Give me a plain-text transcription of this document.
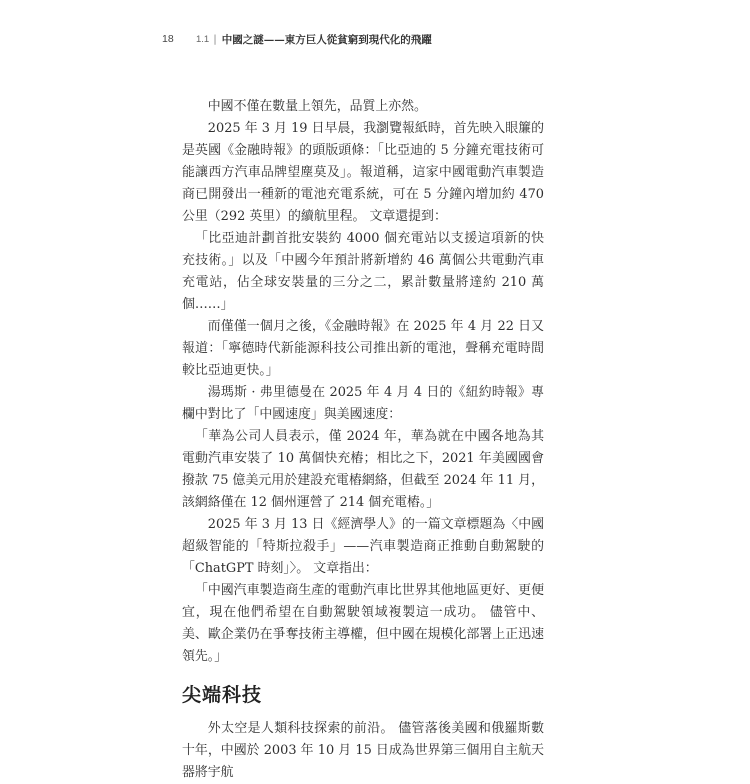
18	1.1 | 中國之謎——東方巨人從貧窮到現代化的飛躍

中國不僅在數量上領先，品質上亦然。

2025 年 3 月 19 日早晨，我瀏覽報紙時，首先映入眼簾的是英國《金融時報》的頭版頭條：「比亞迪的 5 分鐘充電技術可能讓西方汽車品牌望塵莫及」。報道稱，這家中國電動汽車製造商已開發出一種新的電池充電系統，可在 5 分鐘內增加約 470 公里（292 英里）的續航里程。 文章還提到：

「比亞迪計劃首批安裝約 4000 個充電站以支援這項新的快充技術。」以及「中國今年預計將新增約 46 萬個公共電動汽車充電站，佔全球安裝量的三分之二，累計數量將達約 210 萬個……」

而僅僅一個月之後，《金融時報》在 2025 年 4 月 22 日又報道：「寧德時代新能源科技公司推出新的電池，聲稱充電時間較比亞迪更快。」

湯瑪斯 · 弗里德曼在 2025 年 4 月 4 日的《紐約時報》專欄中對比了「中國速度」與美國速度：

「華為公司人員表示，僅 2024 年，華為就在中國各地為其電動汽車安裝了 10 萬個快充樁；相比之下，2021 年美國國會撥款 75 億美元用於建設充電樁網絡，但截至 2024 年 11 月，該網絡僅在 12 個州運營了 214 個充電樁。」

2025 年 3 月 13 日《經濟學人》的一篇文章標題為〈中國超級智能的「特斯拉殺手」——汽車製造商正推動自動駕駛的「ChatGPT 時刻」〉。 文章指出：

「中國汽車製造商生產的電動汽車比世界其他地區更好、更便宜，現在他們希望在自動駕駛領域複製這一成功。 儘管中、美、歐企業仍在爭奪技術主導權，但中國在規模化部署上正迅速領先。」

尖端科技

外太空是人類科技探索的前沿。 儘管落後美國和俄羅斯數十年，中國於 2003 年 10 月 15 日成為世界第三個用自主航天器將宇航
